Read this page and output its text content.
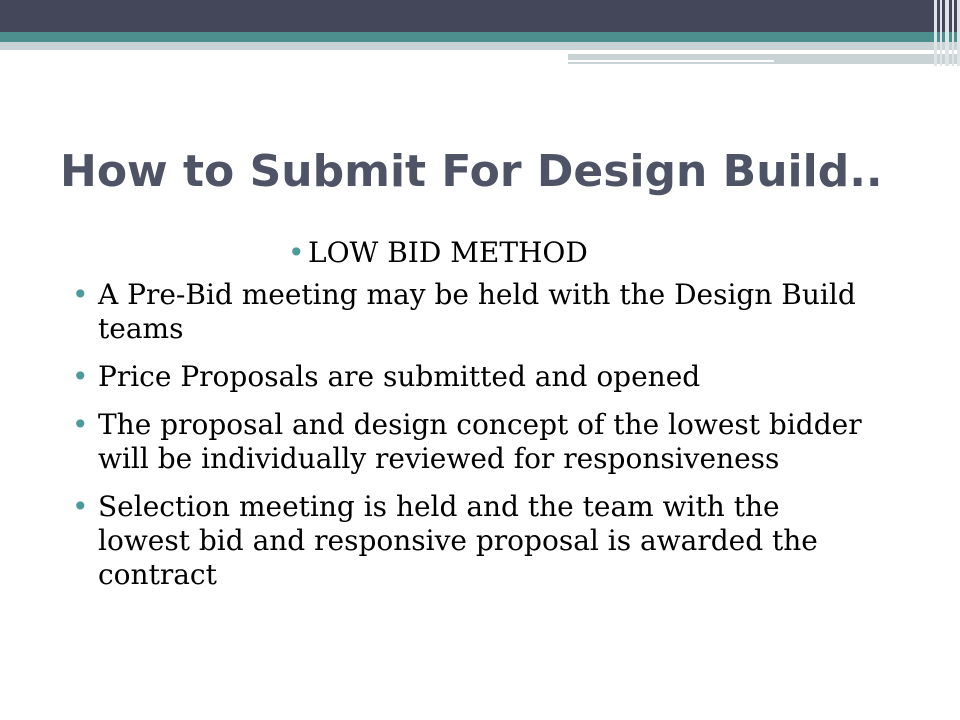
How to Submit For Design Build..
• LOW BID METHOD
• A Pre-Bid meeting may be held with the Design Build teams
• Price Proposals are submitted and opened
• The proposal and design concept of the lowest bidder will be individually reviewed for responsiveness
• Selection meeting is held and the team with the lowest bid and responsive proposal is awarded the contract
